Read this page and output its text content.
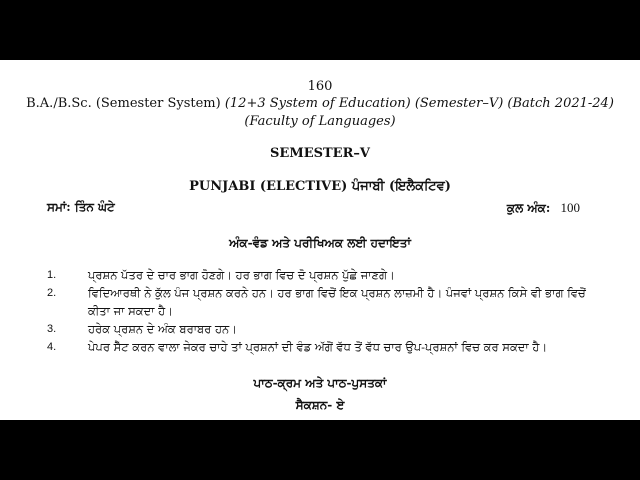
160
B.A./B.Sc. (Semester System) (12+3 System of Education) (Semester–V) (Batch 2021-24)
(Faculty of Languages)
SEMESTER–V
PUNJABI (ELECTIVE) ਪੰਜਾਬੀ (ਇਲੈਕਟਿਵ)
ਸਮਾਂ: ਤਿੰਨ ਘੰਟੇ	ਕੁਲ ਅੰਕ: 100
ਅੰਕ-ਵੰਡ ਅਤੇ ਪਰੀਖਿਅਕ ਲਈ ਹਦਾਇਤਾਂ
1.	ਪ੍ਰਸ਼ਨ ਪੱਤਰ ਦੇ ਚਾਰ ਭਾਗ ਹੋਣਗੇ। ਹਰ ਭਾਗ ਵਿਚ ਦੋ ਪ੍ਰਸ਼ਨ ਪੁੱਛੇ ਜਾਣਗੇ।
2.	ਵਿਦਿਆਰਥੀ ਨੇ ਕੁੱਲ ਪੰਜ ਪ੍ਰਸ਼ਨ ਕਰਨੇ ਹਨ। ਹਰ ਭਾਗ ਵਿਚੋਂ ਇਕ ਪ੍ਰਸ਼ਨ ਲਾਜ਼ਮੀ ਹੈ। ਪੰਜਵਾਂ ਪ੍ਰਸ਼ਨ ਕਿਸੇ ਵੀ ਭਾਗ ਵਿਚੋਂ ਕੀਤਾ ਜਾ ਸਕਦਾ ਹੈ।
3.	ਹਰੇਕ ਪ੍ਰਸ਼ਨ ਦੇ ਅੰਕ ਬਰਾਬਰ ਹਨ।
4.	ਪੇਪਰ ਸੈੱਟ ਕਰਨ ਵਾਲਾ ਜੇਕਰ ਚਾਹੇ ਤਾਂ ਪ੍ਰਸ਼ਨਾਂ ਦੀ ਵੰਡ ਅੱਗੋਂ ਵੱਧ ਤੋਂ ਵੱਧ ਚਾਰ ਉਪ-ਪ੍ਰਸ਼ਨਾਂ ਵਿਚ ਕਰ ਸਕਦਾ ਹੈ।
ਪਾਠ-ਕ੍ਰਮ ਅਤੇ ਪਾਠ-ਪੁਸਤਕਾਂ
ਸੈਕਸ਼ਨ- ਏ
